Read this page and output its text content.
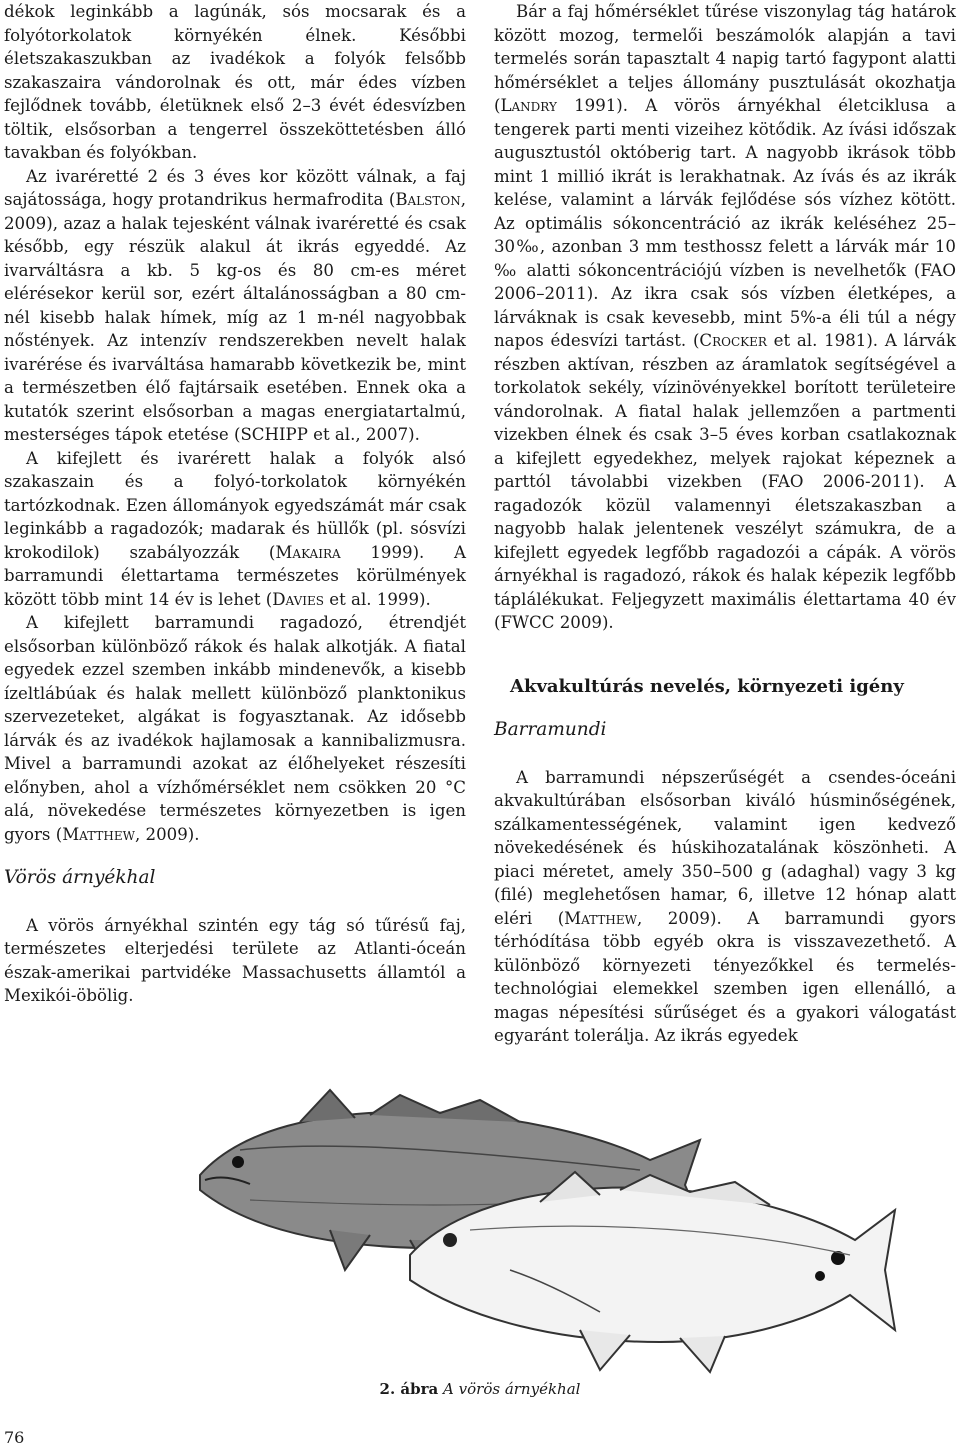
dékok leginkább a lagúnák, sós mocsarak és a folyótorkolatok környékén élnek. Későbbi életszakaszukban az ivadékok a folyók felsőbb szakaszaira vándorolnak és ott, már édes vízben fejlődnek tovább, életüknek első 2–3 évét édesvízben töltik, elsősorban a tengerrel összeköttetésben álló tavakban és folyókban.

Az ivaréretté 2 és 3 éves kor között válnak, a faj sajátossága, hogy protandrikus hermafrodita (Balston, 2009), azaz a halak tejesként válnak ivaréretté és csak később, egy részük alakul át ikrás egyeddé. Az ivarváltásra a kb. 5 kg-os és 80 cm-es méret elérésekor kerül sor, ezért általánosságban a 80 cm-nél kisebb halak hímek, míg az 1 m-nél nagyobbak nőstények. Az intenzív rendszerekben nevelt halak ivarérése és ivarváltása hamarabb következik be, mint a természetben élő fajtársaik esetében. Ennek oka a kutatók szerint elsősorban a magas energiatartalmú, mesterséges tápok etetése (SCHIPP et al., 2007).

A kifejlett és ivarérett halak a folyók alsó szakaszain és a folyó-torkolatok környékén tartózkodnak. Ezen állományok egyedszámát már csak leginkább a ragadozók; madarak és hüllők (pl. sósvízi krokodilok) szabályozzák (Makaira 1999). A barramundi élettartama természetes körülmények között több mint 14 év is lehet (Davies et al. 1999).

A kifejlett barramundi ragadozó, étrendjét elsősorban különböző rákok és halak alkotják. A fiatal egyedek ezzel szemben inkább mindenevők, a kisebb ízeltlábúak és halak mellett különböző planktonikus szervezeteket, algákat is fogyasztanak. Az idősebb lárvák és az ivadékok hajlamosak a kannibalizmusra. Mivel a barramundi azokat az élőhelyeket részesíti előnyben, ahol a vízhőmérséklet nem csökken 20 °C alá, növekedése természetes környezetben is igen gyors (Matthew, 2009).

Vörös árnyékhal

A vörös árnyékhal szintén egy tág só tűrésű faj, természetes elterjedési területe az Atlanti-óceán észak-amerikai partvidéke Massachusetts államtól a Mexikói-öbölig.

Bár a faj hőmérséklet tűrése viszonylag tág határok között mozog, termelői beszámolók alapján a tavi termelés során tapasztalt 4 napig tartó fagypont alatti hőmérséklet a teljes állomány pusztulását okozhatja (Landry 1991). A vörös árnyékhal életciklusa a tengerek parti menti vizeihez kötődik. Az ívási időszak augusztustól októberig tart. A nagyobb ikrások több mint 1 millió ikrát is lerakhatnak. Az ívás és az ikrák kelése, valamint a lárvák fejlődése sós vízhez kötött. Az optimális sókoncentráció az ikrák keléséhez 25–30‰, azonban 3 mm testhossz felett a lárvák már 10 ‰ alatti sókoncentrációjú vízben is nevelhetők (FAO 2006–2011). Az ikra csak sós vízben életképes, a lárváknak is csak kevesebb, mint 5%-a éli túl a négy napos édesvízi tartást. (Crocker et al. 1981). A lárvák részben aktívan, részben az áramlatok segítségével a torkolatok sekély, vízinövényekkel borított területeire vándorolnak. A fiatal halak jellemzően a partmenti vizekben élnek és csak 3–5 éves korban csatlakoznak a kifejlett egyedekhez, melyek rajokat képeznek a parttól távolabbi vizekben (FAO 2006-2011). A ragadozók közül valamennyi életszakaszban a nagyobb halak jelentenek veszélyt számukra, de a kifejlett egyedek legfőbb ragadozói a cápák. A vörös árnyékhal is ragadozó, rákok és halak képezik legfőbb táplálékukat. Feljegyzett maximális élettartama 40 év (FWCC 2009).

Akvakultúrás nevelés, környezeti igény
Barramundi

A barramundi népszerűségét a csendes-óceáni akvakultúrában elsősorban kiváló húsminőségének, szálkamentességének, valamint igen kedvező növekedésének és húskihozatalának köszönheti. A piaci méretet, amely 350–500 g (adaghal) vagy 3 kg (filé) meglehetősen hamar, 6, illetve 12 hónap alatt eléri (Matthew, 2009). A barramundi gyors térhódítása több egyéb okra is visszavezethető. A különböző környezeti tényezőkkel és termelés-technológiai elemekkel szemben igen ellenálló, a magas népesítési sűrűséget és a gyakori válogatást egyaránt tolerálja. Az ikrás egyedek

2. ábra A vörös árnyékhal
76
